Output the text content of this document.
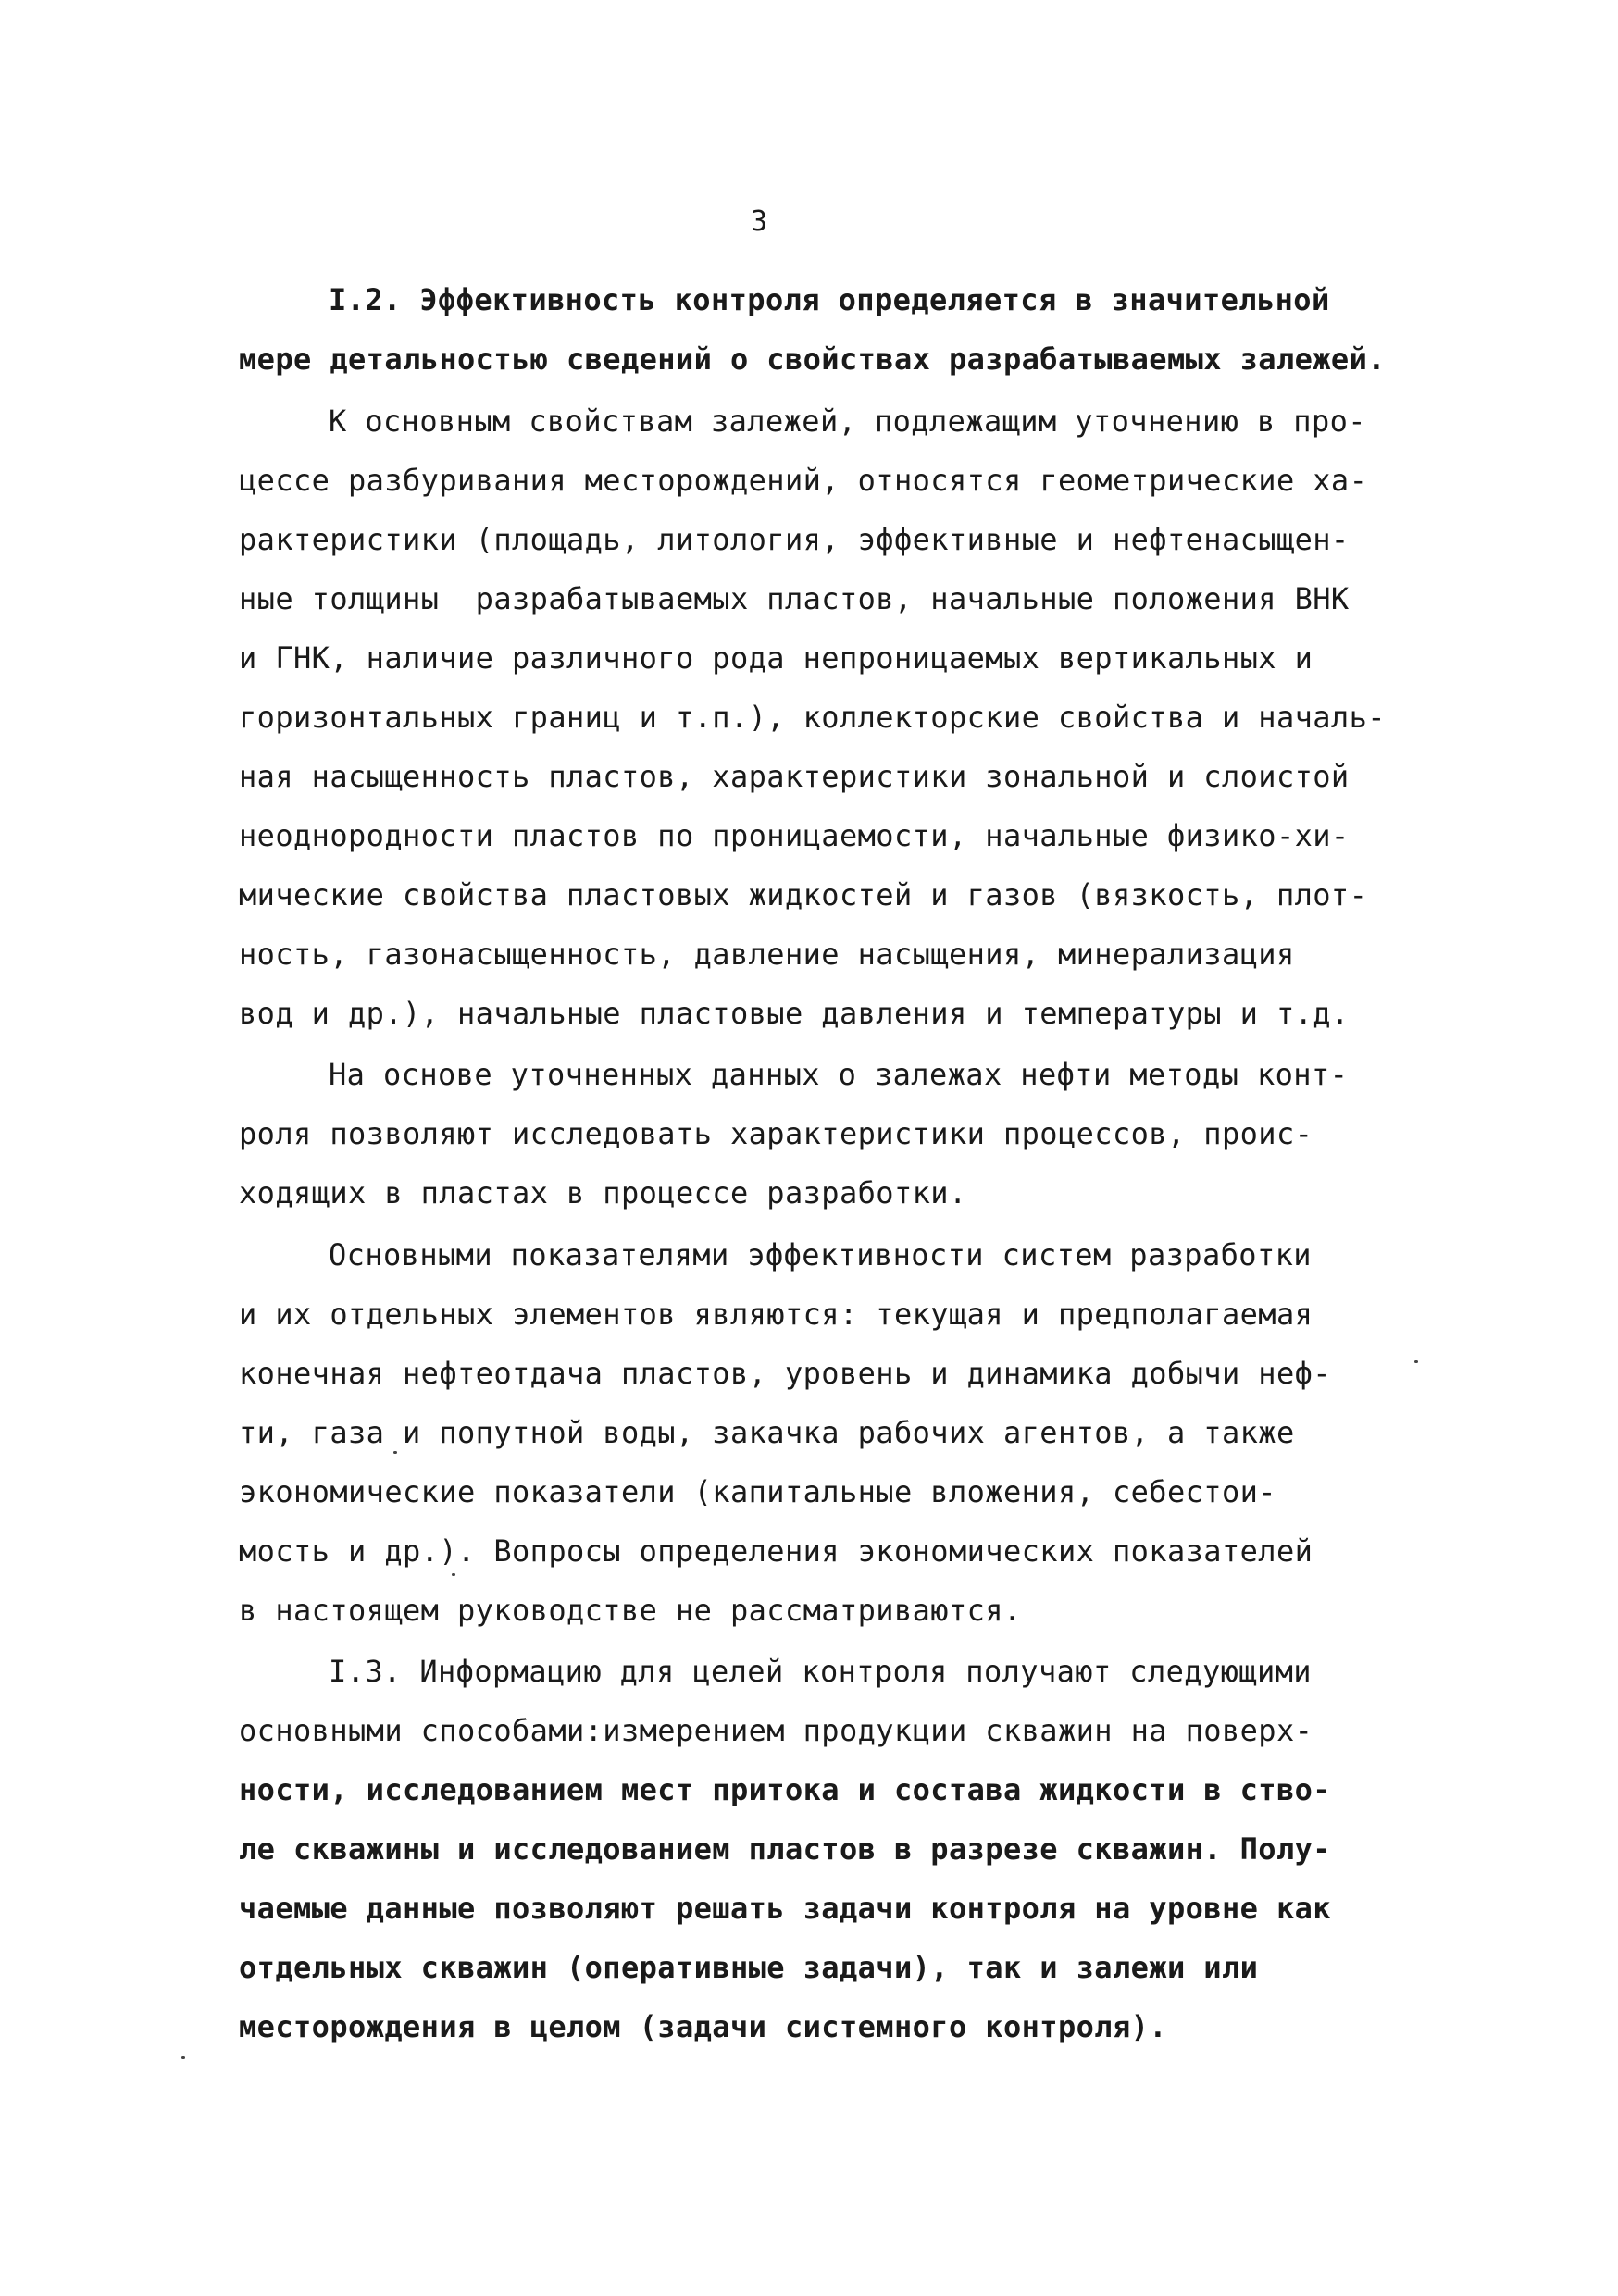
3
I.2. Эффективность контроля определяется в значительной
мере детальностью сведений о свойствах разрабатываемых залежей.
К основным свойствам залежей, подлежащим уточнению в про-
цессе разбуривания месторождений, относятся геометрические ха-
рактеристики (площадь, литология, эффективные и нефтенасыщен-
ные толщины  разрабатываемых пластов, начальные положения ВНК
и ГНК, наличие различного рода непроницаемых вертикальных и
горизонтальных границ и т.п.), коллекторские свойства и началь-
ная насыщенность пластов, характеристики зональной и слоистой
неоднородности пластов по проницаемости, начальные физико-хи-
мические свойства пластовых жидкостей и газов (вязкость, плот-
ность, газонасыщенность, давление насыщения, минерализация
вод и др.), начальные пластовые давления и температуры и т.д.
На основе уточненных данных о залежах нефти методы конт-
роля позволяют исследовать характеристики процессов, проис-
ходящих в пластах в процессе разработки.
Основными показателями эффективности систем разработки
и их отдельных элементов являются: текущая и предполагаемая
конечная нефтеотдача пластов, уровень и динамика добычи неф-
ти, газа и попутной воды, закачка рабочих агентов, а также
экономические показатели (капитальные вложения, себестои-
мость и др.). Вопросы определения экономических показателей
в настоящем руководстве не рассматриваются.
I.3. Информацию для целей контроля получают следующими
основными способами:измерением продукции скважин на поверх-
ности, исследованием мест притока и состава жидкости в ство-
ле скважины и исследованием пластов в разрезе скважин. Полу-
чаемые данные позволяют решать задачи контроля на уровне как
отдельных скважин (оперативные задачи), так и залежи или
месторождения в целом (задачи системного контроля).
